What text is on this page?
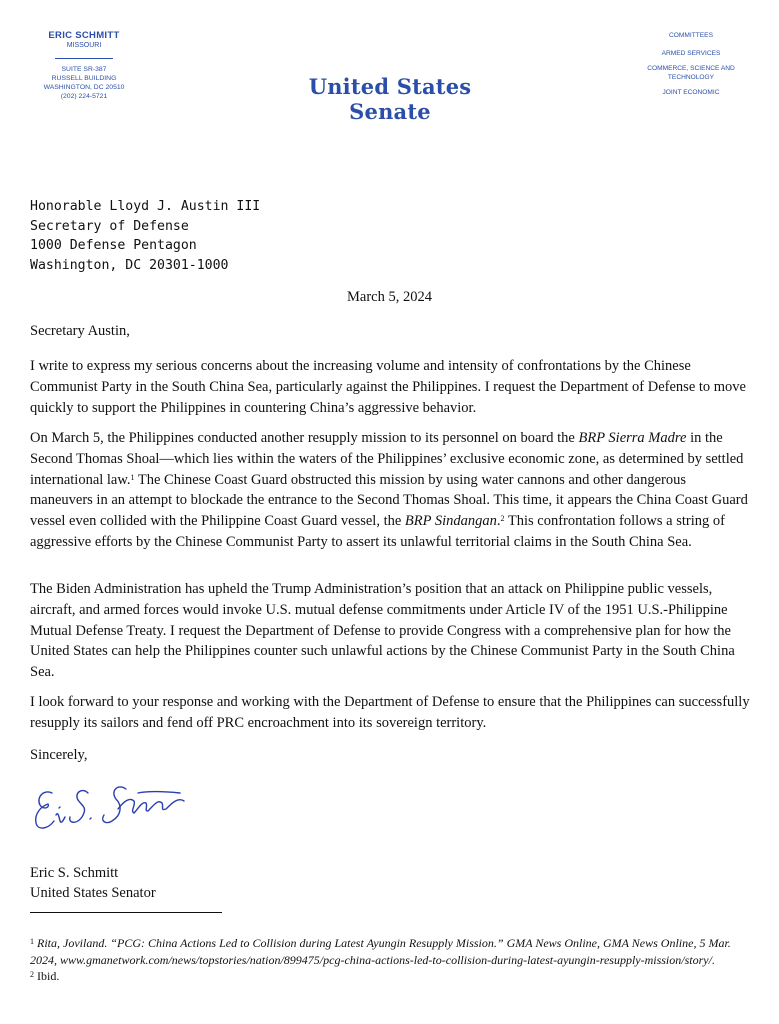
ERIC SCHMITT
MISSOURI
SUITE SR-387
RUSSELL BUILDING
WASHINGTON, DC 20510
(202) 224-5721	United States Senate
COMMITTEES
ARMED SERVICES
COMMERCE, SCIENCE AND TECHNOLOGY
JOINT ECONOMIC
Honorable Lloyd J. Austin III
Secretary of Defense
1000 Defense Pentagon
Washington, DC 20301-1000
March 5, 2024
Secretary Austin,

I write to express my serious concerns about the increasing volume and intensity of confrontations by the Chinese Communist Party in the South China Sea, particularly against the Philippines. I request the Department of Defense to move quickly to support the Philippines in countering China’s aggressive behavior.

On March 5, the Philippines conducted another resupply mission to its personnel on board the BRP Sierra Madre in the Second Thomas Shoal—which lies within the waters of the Philippines’ exclusive economic zone, as determined by settled international law.$^1$ The Chinese Coast Guard obstructed this mission by using water cannons and other dangerous maneuvers in an attempt to blockade the entrance to the Second Thomas Shoal. This time, it appears the China Coast Guard vessel even collided with the Philippine Coast Guard vessel, the BRP Sindangan.$^2$ This confrontation follows a string of aggressive efforts by the Chinese Communist Party to assert its unlawful territorial claims in the South China Sea.

The Biden Administration has upheld the Trump Administration’s position that an attack on Philippine public vessels, aircraft, and armed forces would invoke U.S. mutual defense commitments under Article IV of the 1951 U.S.-Philippine Mutual Defense Treaty. I request the Department of Defense to provide Congress with a comprehensive plan for how the United States can help the Philippines counter such unlawful actions by the Chinese Communist Party in the South China Sea.

I look forward to your response and working with the Department of Defense to ensure that the Philippines can successfully resupply its sailors and fend off PRC encroachment into its sovereign territory.

Sincerely,
Eric S. Schmitt
United States Senator

$^1$ Rita, Joviland. “PCG: China Actions Led to Collision during Latest Ayungin Resupply Mission.” GMA News Online, GMA News Online, 5 Mar. 2024, www.gmanetwork.com/news/topstories/nation/899475/pcg-china-actions-led-to-collision-during-latest-ayungin-resupply-mission/story/.

$^2$ Ibid.
